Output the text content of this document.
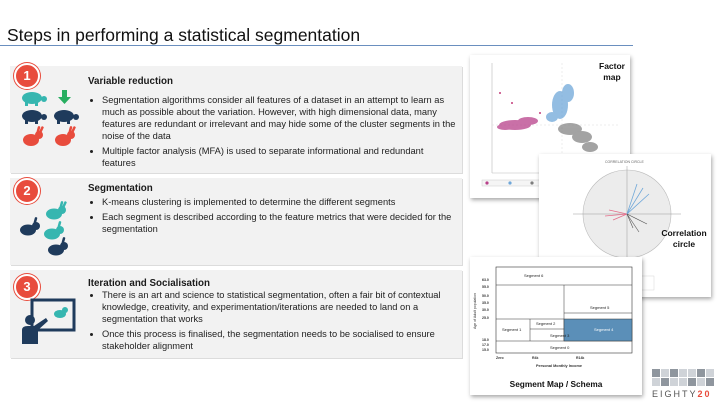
Steps in performing a statistical segmentation
1	Variable reduction
• Segmentation algorithms consider all features of a dataset in an attempt to learn as much as possible about the variation. However, with high dimensional data, many features are redundant or irrelevant and may hide some of the cluster segments in the noise of the data
• Multiple factor analysis (MFA) is used to separate informational and redundant features
2	Segmentation
• K-means clustering is implemented to determine the different segments
• Each segment is described according to the feature metrics that were decided for the segmentation
3	Iteration and Socialisation
• There is an art and science to statistical segmentation, often a fair bit of contextual knowledge, creativity, and experimentation/iterations are needed to land on a segmentation that works
• Once this process is finalised, the segmentation needs to be socialised to ensure stakeholder alignment
Factor
map
CORRELATION CIRCLE
Correlation
circle
Age of Adult population
63.0
55.0
50.0
35.0
30.0
25.0
18.0
17.0
15.0
Segment 6
Segment 5
Segment 1
Segment 2
Segment 3
Segment 4
Segment 0
Zero	R4k	R14k
Personal Monthly Income
Segment Map / Schema
EIGHTY20
